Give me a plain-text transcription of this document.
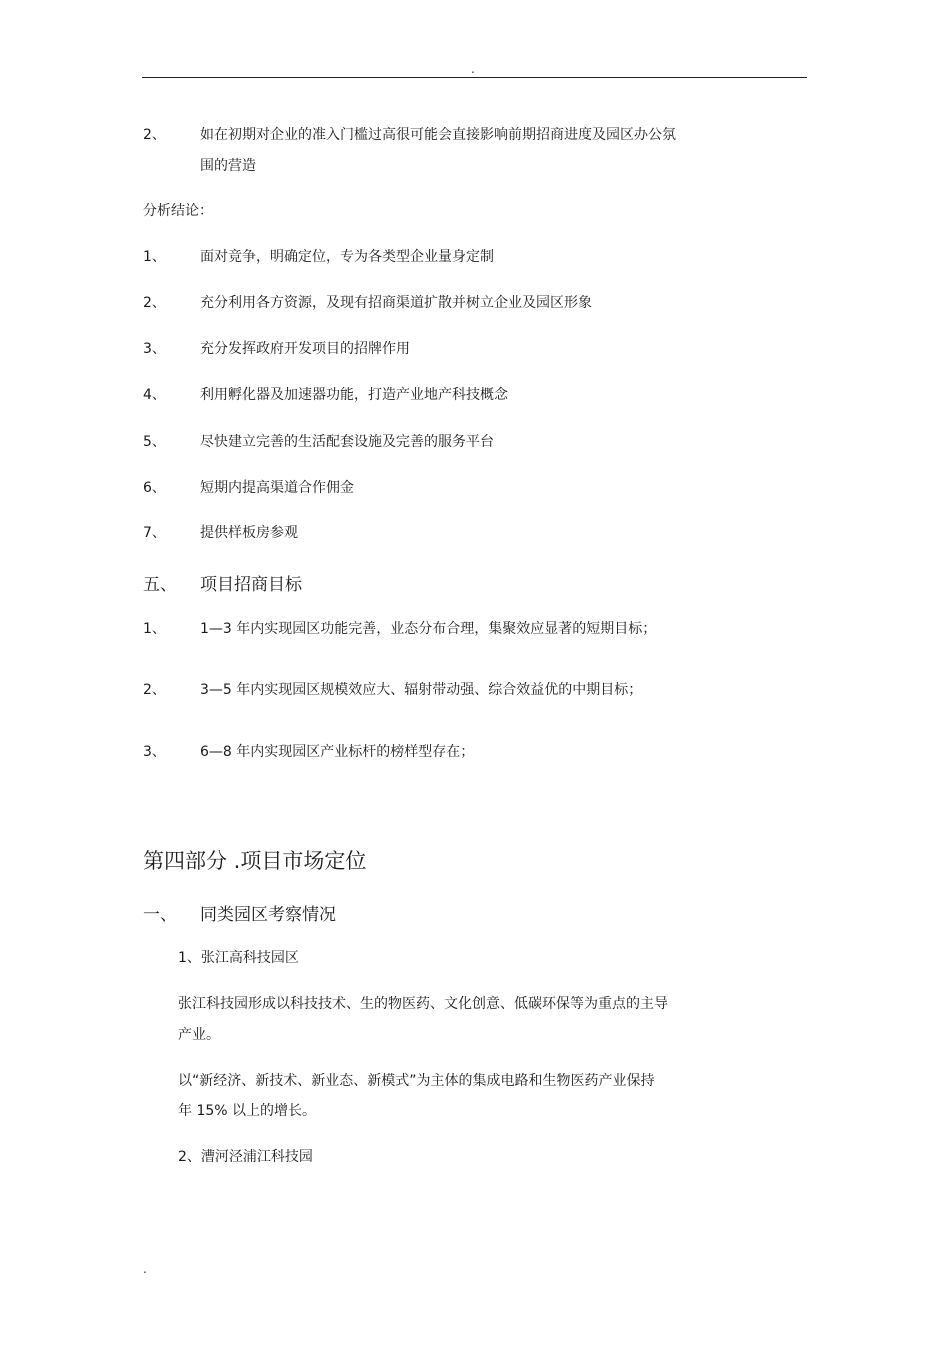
.
2、 如在初期对企业的准入门槛过高很可能会直接影响前期招商进度及园区办公氛
围的营造
分析结论：
1、 面对竞争，明确定位，专为各类型企业量身定制
2、 充分利用各方资源，及现有招商渠道扩散并树立企业及园区形象
3、 充分发挥政府开发项目的招牌作用
4、 利用孵化器及加速器功能，打造产业地产科技概念
5、 尽快建立完善的生活配套设施及完善的服务平台
6、 短期内提高渠道合作佣金
7、 提供样板房参观
五、 项目招商目标
1、 1—3 年内实现园区功能完善，业态分布合理，集聚效应显著的短期目标；
2、 3—5 年内实现园区规模效应大、辐射带动强、综合效益优的中期目标；
3、 6—8 年内实现园区产业标杆的榜样型存在；
第四部分 .项目市场定位
一、 同类园区考察情况
1、张江高科技园区
张江科技园形成以科技技术、生的物医药、文化创意、低碳环保等为重点的主导
产业。
以“新经济、新技术、新业态、新模式”为主体的集成电路和生物医药产业保持
年 15% 以上的增长。
2、漕河泾浦江科技园
.
